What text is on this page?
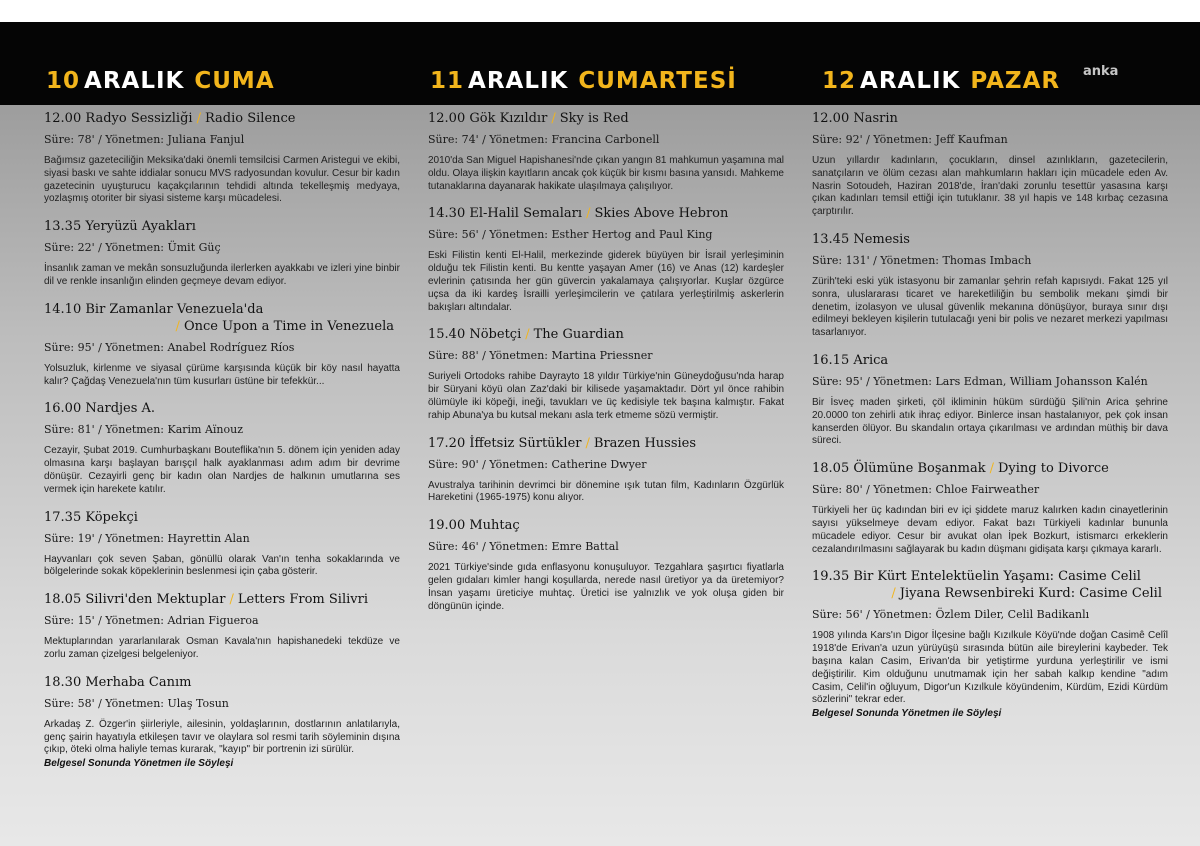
10 ARALIK CUMA	11 ARALIK CUMARTESİ	12 ARALIK PAZAR anka
12.00 Radyo Sessizliği / Radio Silence
Süre: 78' / Yönetmen: Juliana Fanjul
Bağımsız gazeteciliğin Meksika'daki önemli temsilcisi Carmen Aristegui ve ekibi, siyasi baskı ve sahte iddialar sonucu MVS radyosundan kovulur. Cesur bir kadın gazetecinin uyuşturucu kaçakçılarının tehdidi altında tekelleşmiş medyaya, yozlaşmış otoriter bir siyasi sisteme karşı mücadelesi.
13.35 Yeryüzü Ayakları
Süre: 22' / Yönetmen: Ümit Güç
İnsanlık zaman ve mekân sonsuzluğunda ilerlerken ayakkabı ve izleri yine binbir dil ve renkle insanlığın elinden geçmeye devam ediyor.
14.10 Bir Zamanlar Venezuela'da
/ Once Upon a Time in Venezuela
Süre: 95' / Yönetmen: Anabel Rodríguez Ríos
Yolsuzluk, kirlenme ve siyasal çürüme karşısında küçük bir köy nasıl hayatta kalır? Çağdaş Venezuela'nın tüm kusurları üstüne bir tefekkür...
16.00 Nardjes A.
Süre: 81' / Yönetmen: Karim Aïnouz
Cezayir, Şubat 2019. Cumhurbaşkanı Bouteflika'nın 5. dönem için yeniden aday olmasına karşı başlayan barışçıl halk ayaklanması adım adım bir devrime dönüşür. Cezayirli genç bir kadın olan Nardjes de halkının umutlarına ses vermek için harekete katılır.
17.35 Köpekçi
Süre: 19' / Yönetmen: Hayrettin Alan
Hayvanları çok seven Şaban, gönüllü olarak Van'ın tenha sokaklarında ve bölgelerinde sokak köpeklerinin beslenmesi için çaba gösterir.
18.05 Silivri'den Mektuplar / Letters From Silivri
Süre: 15' / Yönetmen: Adrian Figueroa
Mektuplarından yararlanılarak Osman Kavala'nın hapishanedeki tekdüze ve zorlu zaman çizelgesi belgeleniyor.
18.30 Merhaba Canım
Süre: 58' / Yönetmen: Ulaş Tosun
Arkadaş Z. Özger'in şiirleriyle, ailesinin, yoldaşlarının, dostlarının anlatılarıyla, genç şairin hayatıyla etkileşen tavır ve olaylara sol resmi tarih söyleminin dışına çıkıp, öteki olma haliyle temas kurarak, "kayıp" bir portrenin izi sürülür.
Belgesel Sonunda Yönetmen ile Söyleşi
12.00 Gök Kızıldır / Sky is Red
Süre: 74' / Yönetmen: Francina Carbonell
2010'da San Miguel Hapishanesi'nde çıkan yangın 81 mahkumun yaşamına mal oldu. Olaya ilişkin kayıtların ancak çok küçük bir kısmı basına yansıdı. Mahkeme tutanaklarına dayanarak hakikate ulaşılmaya çalışılıyor.
14.30 El-Halil Semaları / Skies Above Hebron
Süre: 56' / Yönetmen: Esther Hertog and Paul King
Eski Filistin kenti El-Halil, merkezinde giderek büyüyen bir İsrail yerleşiminin olduğu tek Filistin kenti. Bu kentte yaşayan Amer (16) ve Anas (12) kardeşler evlerinin çatısında her gün güvercin yakalamaya çalışıyorlar. Kuşlar özgürce uçsa da iki kardeş İsrailli yerleşimcilerin ve çatılara yerleştirilmiş askerlerin bakışları altındalar.
15.40 Nöbetçi / The Guardian
Süre: 88' / Yönetmen: Martina Priessner
Suriyeli Ortodoks rahibe Dayrayto 18 yıldır Türkiye'nin Güneydoğusu'nda harap bir Süryani köyü olan Zaz'daki bir kilisede yaşamaktadır. Dört yıl önce rahibin ölümüyle iki köpeği, ineği, tavukları ve üç kedisiyle tek başına kalmıştır. Fakat rahip Abuna'ya bu kutsal mekanı asla terk etmeme sözü vermiştir.
17.20 İffetsiz Sürtükler / Brazen Hussies
Süre: 90' / Yönetmen: Catherine Dwyer
Avustralya tarihinin devrimci bir dönemine ışık tutan film, Kadınların Özgürlük Hareketini (1965-1975) konu alıyor.
19.00 Muhtaç
Süre: 46' / Yönetmen: Emre Battal
2021 Türkiye'sinde gıda enflasyonu konuşuluyor. Tezgahlara şaşırtıcı fiyatlarla gelen gıdaları kimler hangi koşullarda, nerede nasıl üretiyor ya da üretemiyor? İnsan yaşamı üreticiye muhtaç. Üretici ise yalnızlık ve yok oluşa giden bir döngünün içinde.
12.00 Nasrin
Süre: 92' / Yönetmen: Jeff Kaufman
Uzun yıllardır kadınların, çocukların, dinsel azınlıkların, gazetecilerin, sanatçıların ve ölüm cezası alan mahkumların hakları için mücadele eden Av. Nasrin Sotoudeh, Haziran 2018'de, İran'daki zorunlu tesettür yasasına karşı çıkan kadınları temsil ettiği için tutuklanır. 38 yıl hapis ve 148 kırbaç cezasına çarptırılır.
13.45 Nemesis
Süre: 131' / Yönetmen: Thomas Imbach
Zürih'teki eski yük istasyonu bir zamanlar şehrin refah kapısıydı. Fakat 125 yıl sonra, uluslararası ticaret ve hareketliliğin bu sembolik mekanı şimdi bir denetim, izolasyon ve ulusal güvenlik mekanına dönüşüyor, buraya sınır dışı edilmeyi bekleyen kişilerin tutulacağı yeni bir polis ve nezaret merkezi yapılması tasarlanıyor.
16.15 Arica
Süre: 95' / Yönetmen: Lars Edman, William Johansson Kalén
Bir İsveç maden şirketi, çöl ikliminin hüküm sürdüğü Şili'nin Arica şehrine 20.0000 ton zehirli atık ihraç ediyor. Binlerce insan hastalanıyor, pek çok insan kanserden ölüyor. Bu skandalın ortaya çıkarılması ve ardından müthiş bir dava süreci.
18.05 Ölümüne Boşanmak / Dying to Divorce
Süre: 80' / Yönetmen: Chloe Fairweather
Türkiyeli her üç kadından biri ev içi şiddete maruz kalırken kadın cinayetlerinin sayısı yükselmeye devam ediyor. Fakat bazı Türkiyeli kadınlar bununla mücadele ediyor. Cesur bir avukat olan İpek Bozkurt, istismarcı erkeklerin cezalandırılmasını sağlayarak bu kadın düşmanı gidişata karşı çıkmaya kararlı.
19.35 Bir Kürt Entelektüelin Yaşamı: Casime Celil
/ Jiyana Rewsenbireki Kurd: Casime Celil
Süre: 56' / Yönetmen: Özlem Diler, Celil Badikanlı
1908 yılında Kars'ın Digor İlçesine bağlı Kızılkule Köyü'nde doğan Casimê Celîl 1918'de Erivan'a uzun yürüyüşü sırasında bütün aile bireylerini kaybeder. Tek başına kalan Casim, Erivan'da bir yetiştirme yurduna yerleştirilir ve ismi değiştirilir. Kim olduğunu unutmamak için her sabah kalkıp kendine "adım Casim, Celil'in oğluyum, Digor'un Kızılkule köyündenim, Kürdüm, Ezidi Kürdüm sözlerini" tekrar eder.
Belgesel Sonunda Yönetmen ile Söyleşi
